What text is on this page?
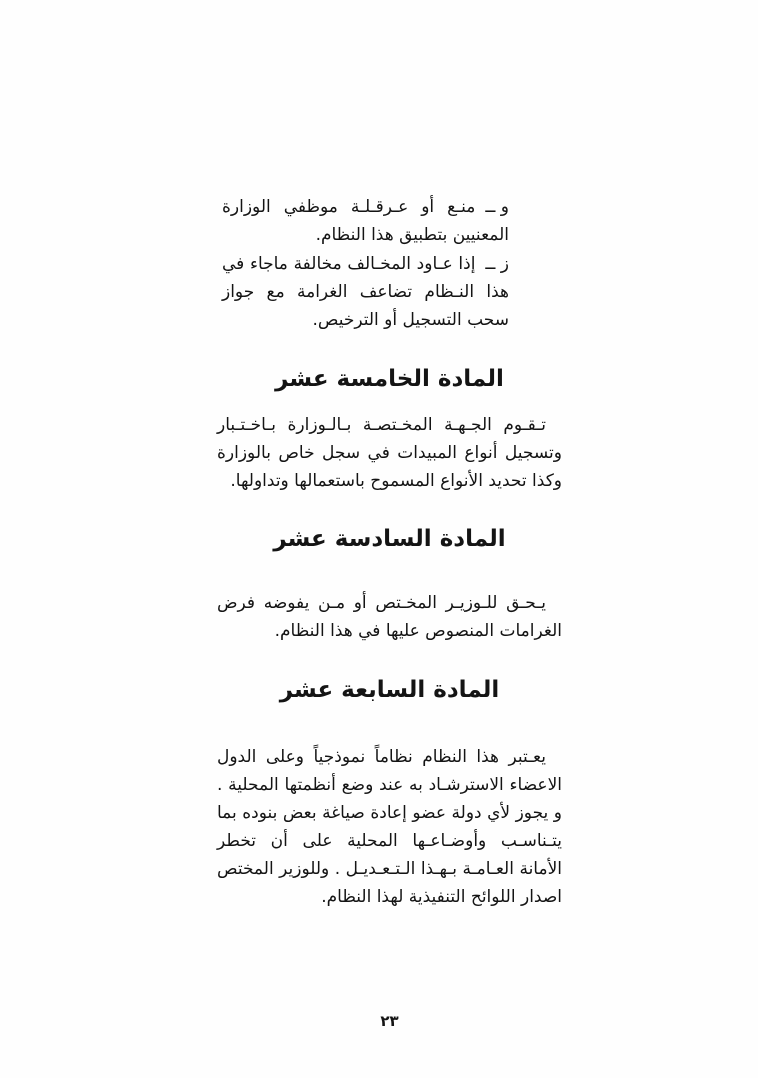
و ــمنـع أو عـرقـلـة موظفي الوزارة المعنيين بتطبيق هذا النظام.

ز ــإذا عـاود المخـالف مخالفة ماجاء في هذا النـظام تضاعف الغرامة مع جواز سحب التسجيل أو الترخيص.

المادة الخامسة عشر

تـقـوم الجـهـة المخـتصـة بـالـوزارة بـاخـتـبار وتسجيل أنواع المبيدات في سجل خاص بالوزارة وكذا تحديد الأنواع المسموح باستعمالها وتداولها.

المادة السادسة عشر

يـحـق للـوزيـر المخـتص أو مـن يفوضه فرض الغرامات المنصوص عليها في هذا النظام.

المادة السابعة عشر

يعـتبر هذا النظام نظاماً نموذجياً وعلى الدول الاعضاء الاسترشـاد به عند وضع أنظمتها المحلية . و يجوز لأي دولة عضو إعادة صياغة بعض بنوده بما يتـناسـب وأوضـاعـها المحلية على أن تخطر الأمانة العـامـة بـهـذا الـتـعـديـل . وللوزير المختص اصدار اللوائح التنفيذية لهذا النظام.

٢٣
